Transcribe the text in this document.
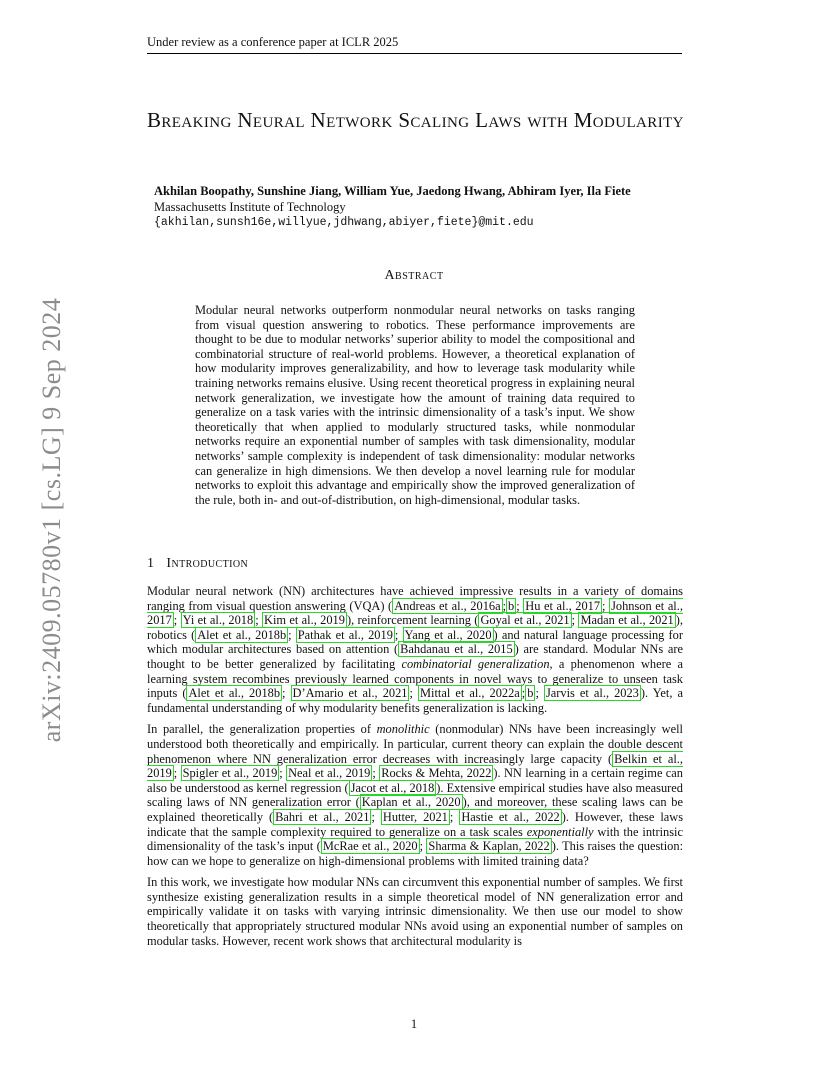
Under review as a conference paper at ICLR 2025
Breaking Neural Network Scaling Laws with Modularity
Akhilan Boopathy, Sunshine Jiang, William Yue, Jaedong Hwang, Abhiram Iyer, Ila Fiete
Massachusetts Institute of Technology
{akhilan,sunsh16e,willyue,jdhwang,abiyer,fiete}@mit.edu
Abstract

Modular neural networks outperform nonmodular neural networks on tasks ranging from visual question answering to robotics. These performance improvements are thought to be due to modular networks’ superior ability to model the compositional and combinatorial structure of real-world problems. However, a theoretical explanation of how modularity improves generalizability, and how to leverage task modularity while training networks remains elusive. Using recent theoretical progress in explaining neural network generalization, we investigate how the amount of training data required to generalize on a task varies with the intrinsic dimensionality of a task’s input. We show theoretically that when applied to modularly structured tasks, while nonmodular networks require an exponential number of samples with task dimensionality, modular networks’ sample complexity is independent of task dimensionality: modular networks can generalize in high dimensions. We then develop a novel learning rule for modular networks to exploit this advantage and empirically show the improved generalization of the rule, both in- and out-of-distribution, on high-dimensional, modular tasks.

1 Introduction

Modular neural network (NN) architectures have achieved impressive results in a variety of domains ranging from visual question answering (VQA) ( Andreas et al., 2016a ; b ; Hu et al., 2017 ; Johnson et al., 2017 ; Yi et al., 2018 ; Kim et al., 2019 ), reinforcement learning ( Goyal et al., 2021 ; Madan et al., 2021 ), robotics ( Alet et al., 2018b ; Pathak et al., 2019 ; Yang et al., 2020 ) and natural language processing for which modular architectures based on attention ( Bahdanau et al., 2015 ) are standard. Modular NNs are thought to be better generalized by facilitating combinatorial generalization, a phenomenon where a learning system recombines previously learned components in novel ways to generalize to unseen task inputs ( Alet et al., 2018b ; D’Amario et al., 2021 ; Mittal et al., 2022a ; b ; Jarvis et al., 2023 ). Yet, a fundamental understanding of why modularity benefits generalization is lacking.

In parallel, the generalization properties of monolithic (nonmodular) NNs have been increasingly well understood both theoretically and empirically. In particular, current theory can explain the double descent phenomenon where NN generalization error decreases with increasingly large capacity ( Belkin et al., 2019 ; Spigler et al., 2019 ; Neal et al., 2019 ; Rocks & Mehta, 2022 ). NN learning in a certain regime can also be understood as kernel regression ( Jacot et al., 2018 ). Extensive empirical studies have also measured scaling laws of NN generalization error ( Kaplan et al., 2020 ), and moreover, these scaling laws can be explained theoretically ( Bahri et al., 2021 ; Hutter, 2021 ; Hastie et al., 2022 ). However, these laws indicate that the sample complexity required to generalize on a task scales exponentially with the intrinsic dimensionality of the task’s input ( McRae et al., 2020 ; Sharma & Kaplan, 2022 ). This raises the question: how can we hope to generalize on high-dimensional problems with limited training data?

In this work, we investigate how modular NNs can circumvent this exponential number of samples. We first synthesize existing generalization results in a simple theoretical model of NN generalization error and empirically validate it on tasks with varying intrinsic dimensionality. We then use our model to show theoretically that appropriately structured modular NNs avoid using an exponential number of samples on modular tasks. However, recent work shows that architectural modularity is

arXiv:2409.05780v1 [cs.LG] 9 Sep 2024
1
